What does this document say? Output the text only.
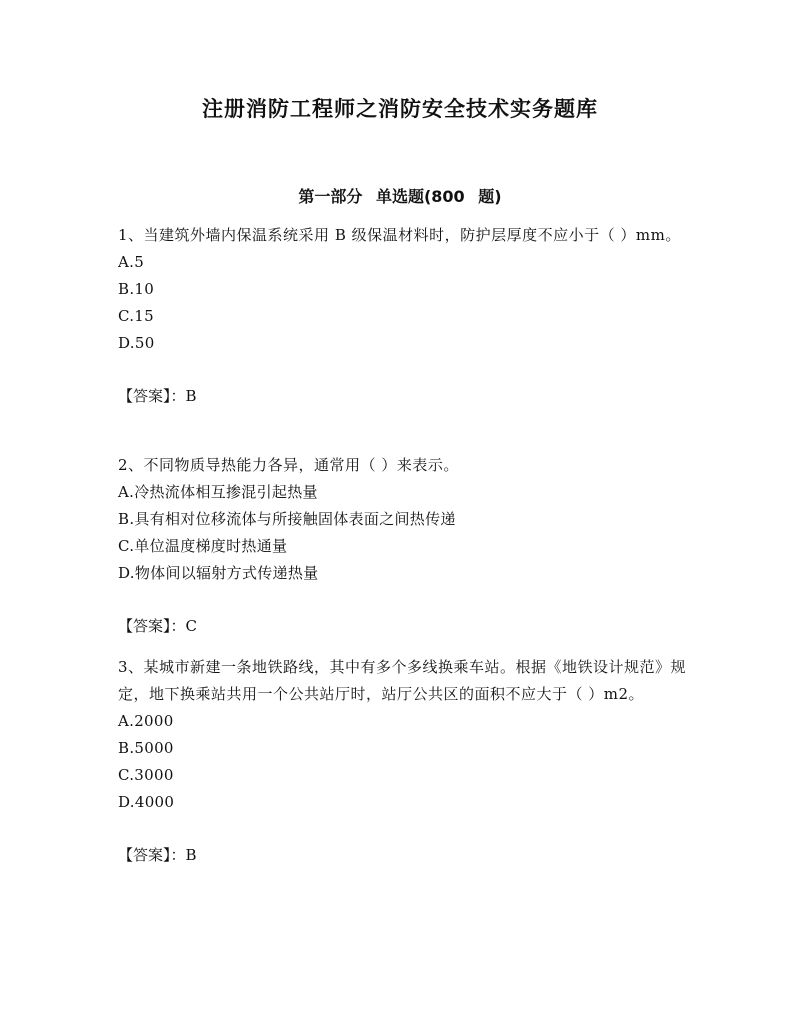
注册消防工程师之消防安全技术实务题库
第一部分 单选题(800 题)

1、当建筑外墙内保温系统采用 B 级保温材料时，防护层厚度不应小于（ ）mm。

A.5

B.10

C.15

D.50

【答案】：B

2、不同物质导热能力各异，通常用（ ）来表示。

A.冷热流体相互掺混引起热量

B.具有相对位移流体与所接触固体表面之间热传递

C.单位温度梯度时热通量

D.物体间以辐射方式传递热量

【答案】：C

3、某城市新建一条地铁路线，其中有多个多线换乘车站。根据《地铁设计规范》规定，地下换乘站共用一个公共站厅时，站厅公共区的面积不应大于（ ）m2。

A.2000

B.5000

C.3000

D.4000

【答案】：B
